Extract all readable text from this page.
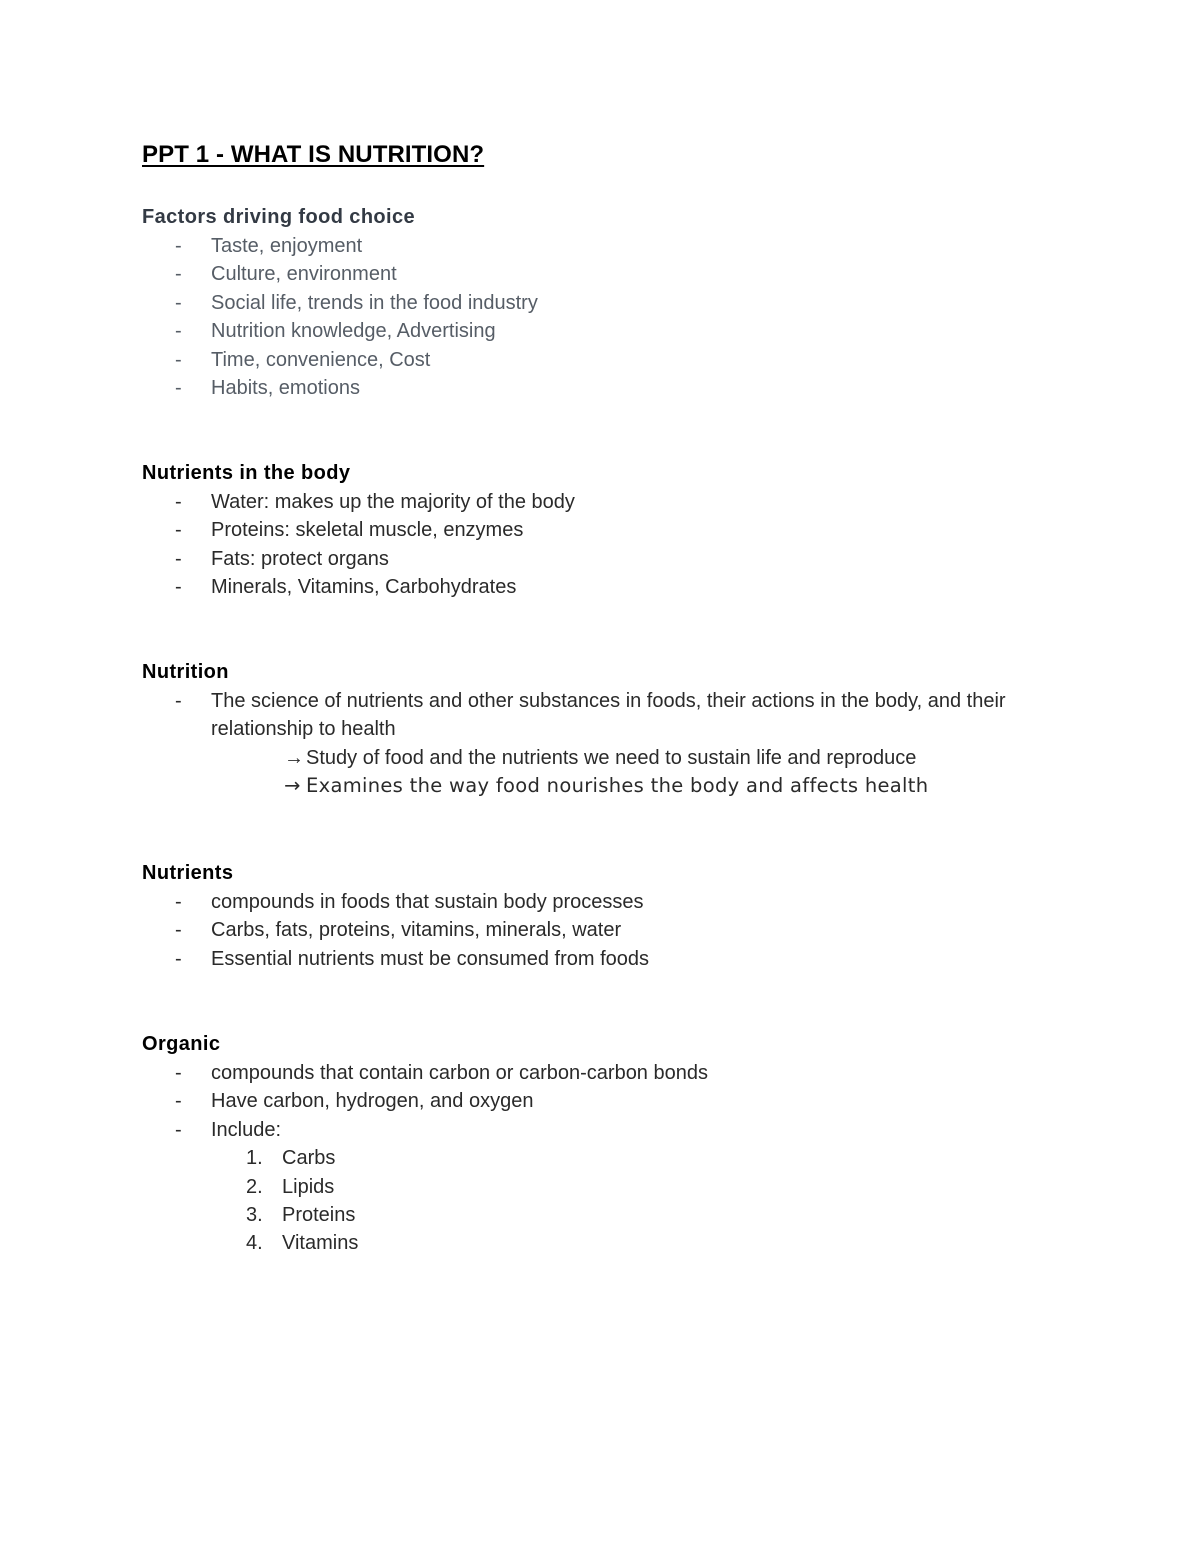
PPT 1 - WHAT IS NUTRITION?
Factors driving food choice
- Taste, enjoyment
- Culture, environment
- Social life, trends in the food industry
- Nutrition knowledge, Advertising
- Time, convenience, Cost
- Habits, emotions
Nutrients in the body
- Water: makes up the majority of the body
- Proteins: skeletal muscle, enzymes
- Fats: protect organs
- Minerals, Vitamins, Carbohydrates
Nutrition
- The science of nutrients and other substances in foods, their actions in the body, and their relationship to health
→ Study of food and the nutrients we need to sustain life and reproduce
→ Examines the way food nourishes the body and affects health
Nutrients
- compounds in foods that sustain body processes
- Carbs, fats, proteins, vitamins, minerals, water
- Essential nutrients must be consumed from foods
Organic
- compounds that contain carbon or carbon-carbon bonds
- Have carbon, hydrogen, and oxygen
- Include:
1. Carbs
2. Lipids
3. Proteins
4. Vitamins
